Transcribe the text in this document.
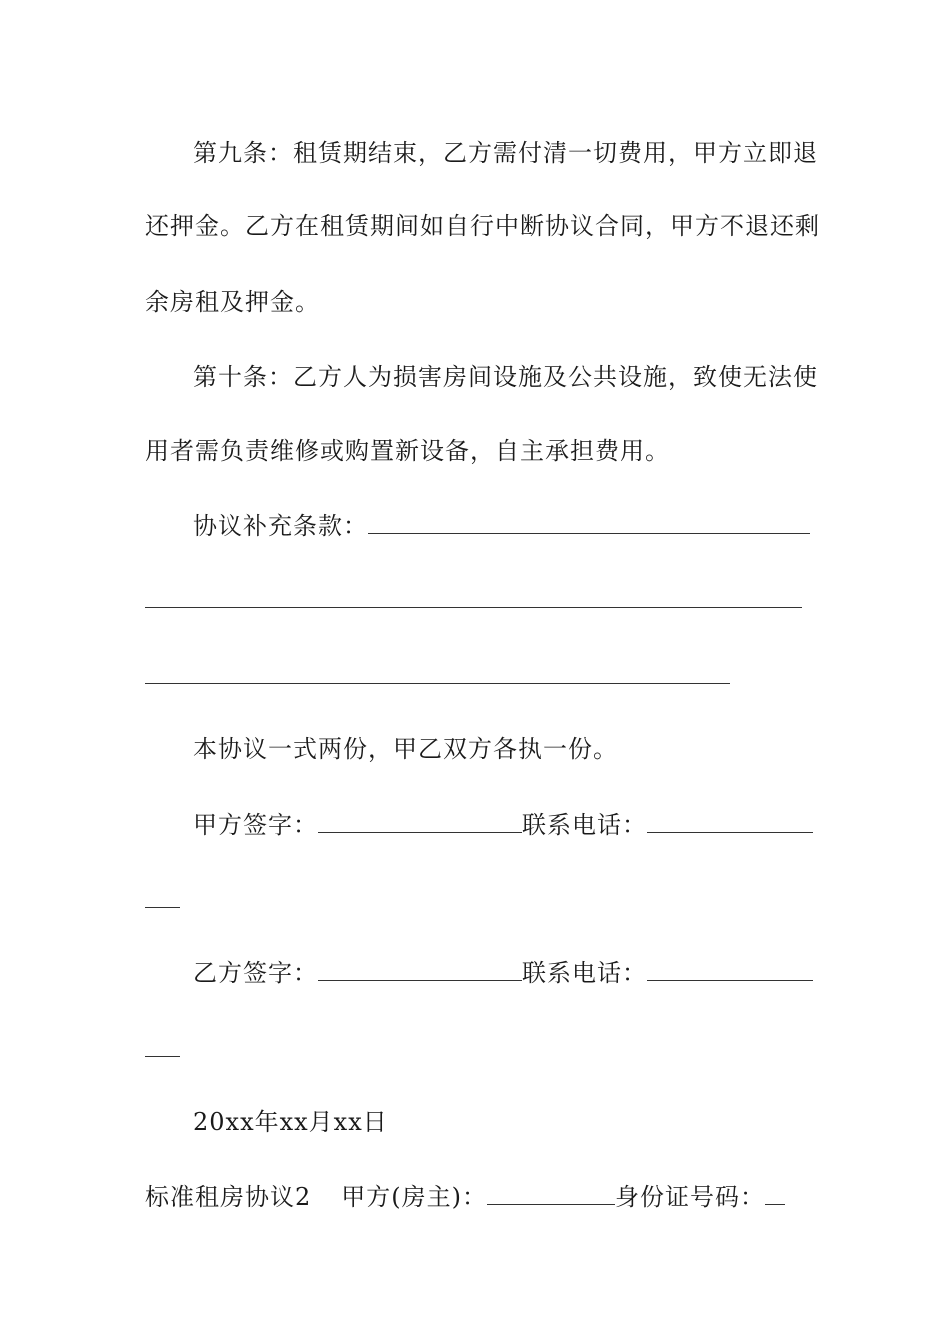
第九条：租赁期结束，乙方需付清一切费用，甲方立即退
还押金。乙方在租赁期间如自行中断协议合同，甲方不退还剩
余房租及押金。
第十条：乙方人为损害房间设施及公共设施，致使无法使
用者需负责维修或购置新设备，自主承担费用。
协议补充条款：
本协议一式两份，甲乙双方各执一份。
甲方签字：	联系电话：
乙方签字：	联系电话：
20xx年xx月xx日
标准租房协议2 甲方(房主)：	身份证号码：
